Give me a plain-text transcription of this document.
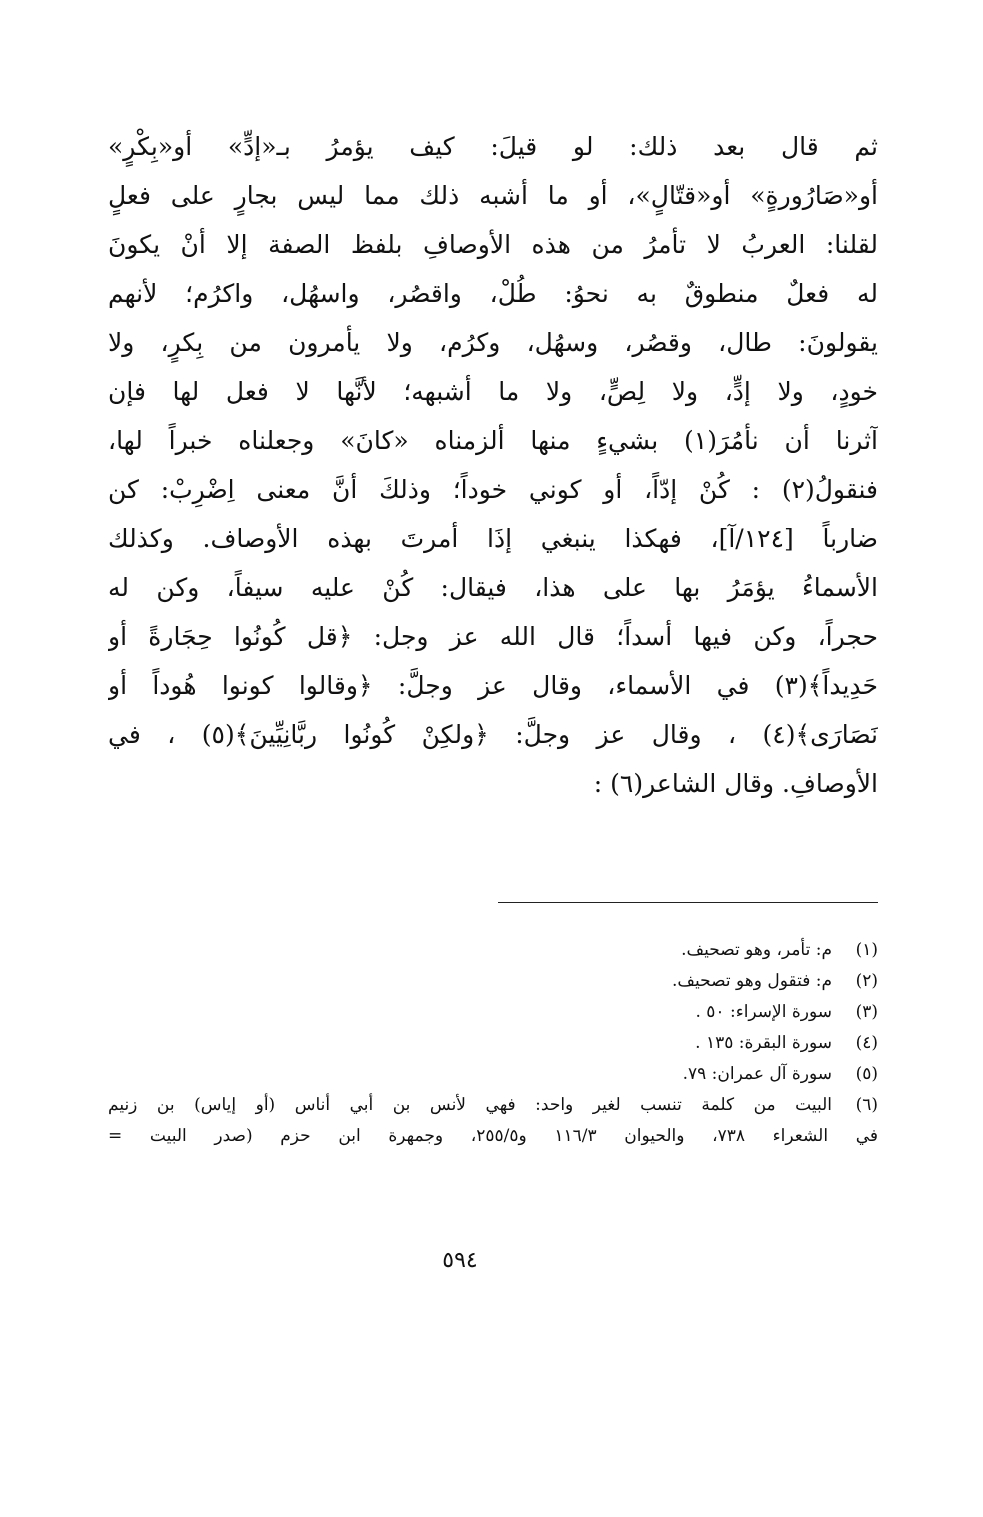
ثم قال بعد ذلك: لو قيلَ: كيف يؤمرُ بـ«إدٍّ» أو«بِكْرٍ»
أو«صَارُورةٍ» أو«قتّالٍ»، أو ما أشبه ذلك مما ليس بجارٍ على فعلٍ
لقلنا: العربُ لا تأمرُ من هذه الأوصافِ بلفظ الصفة إلا أنْ يكونَ
له فعلٌ منطوقٌ به نحوُ: طُلْ، واقصُر، واسهُل، واكرُم؛ لأنهم
يقولونَ: طال، وقصُر، وسهُل، وكرُم، ولا يأمرون من بِكرٍ، ولا
خودٍ، ولا إدٍّ، ولا لِصٍّ، ولا ما أشبهه؛ لأنَّها لا فعل لها فإن
آثرنا أن نأمُرَ(١) بشيءٍ منها ألزمناه «كانَ» وجعلناه خبراً لها،
فنقولُ(٢) : كُنْ إدّاً، أو كوني خوداً؛ وذلكَ أنَّ معنى اِضْرِبْ: كن
ضارباً [١٢٤/آ]، فهكذا ينبغي إذَا أمرتَ بهذه الأوصاف. وكذلك
الأسماءُ يؤمَرُ بها على هذا، فيقال: كُنْ عليه سيفاً، وكن له
حجراً، وكن فيها أسداً؛ قال الله عز وجل: ﴿قل كُونُوا حِجَارةً أو
حَدِيداً﴾(٣) في الأسماء، وقال عز وجلَّ: ﴿وقالوا كونوا هُوداً أو
نَصَارَى﴾(٤) ، وقال عز وجلَّ: ﴿ولكِنْ كُونُوا ربَّانِيِّينَ﴾(٥) ، في
الأوصافِ. وقال الشاعر(٦) :
(١)
م: تأمر، وهو تصحيف.
(٢)
م: فتقول وهو تصحيف.
(٣)
سورة الإسراء: ٥٠ .
(٤)
سورة البقرة: ١٣٥ .
(٥)
سورة آل عمران: ٧٩.
(٦)
البيت من كلمة تنسب لغير واحد: فهي لأنس بن أبي أناس (أو إياس) بن زنيم
في الشعراء ٧٣٨، والحيوان ١١٦/٣ و٢٥٥/٥، وجمهرة ابن حزم (صدر البيت =
٥٩٤
